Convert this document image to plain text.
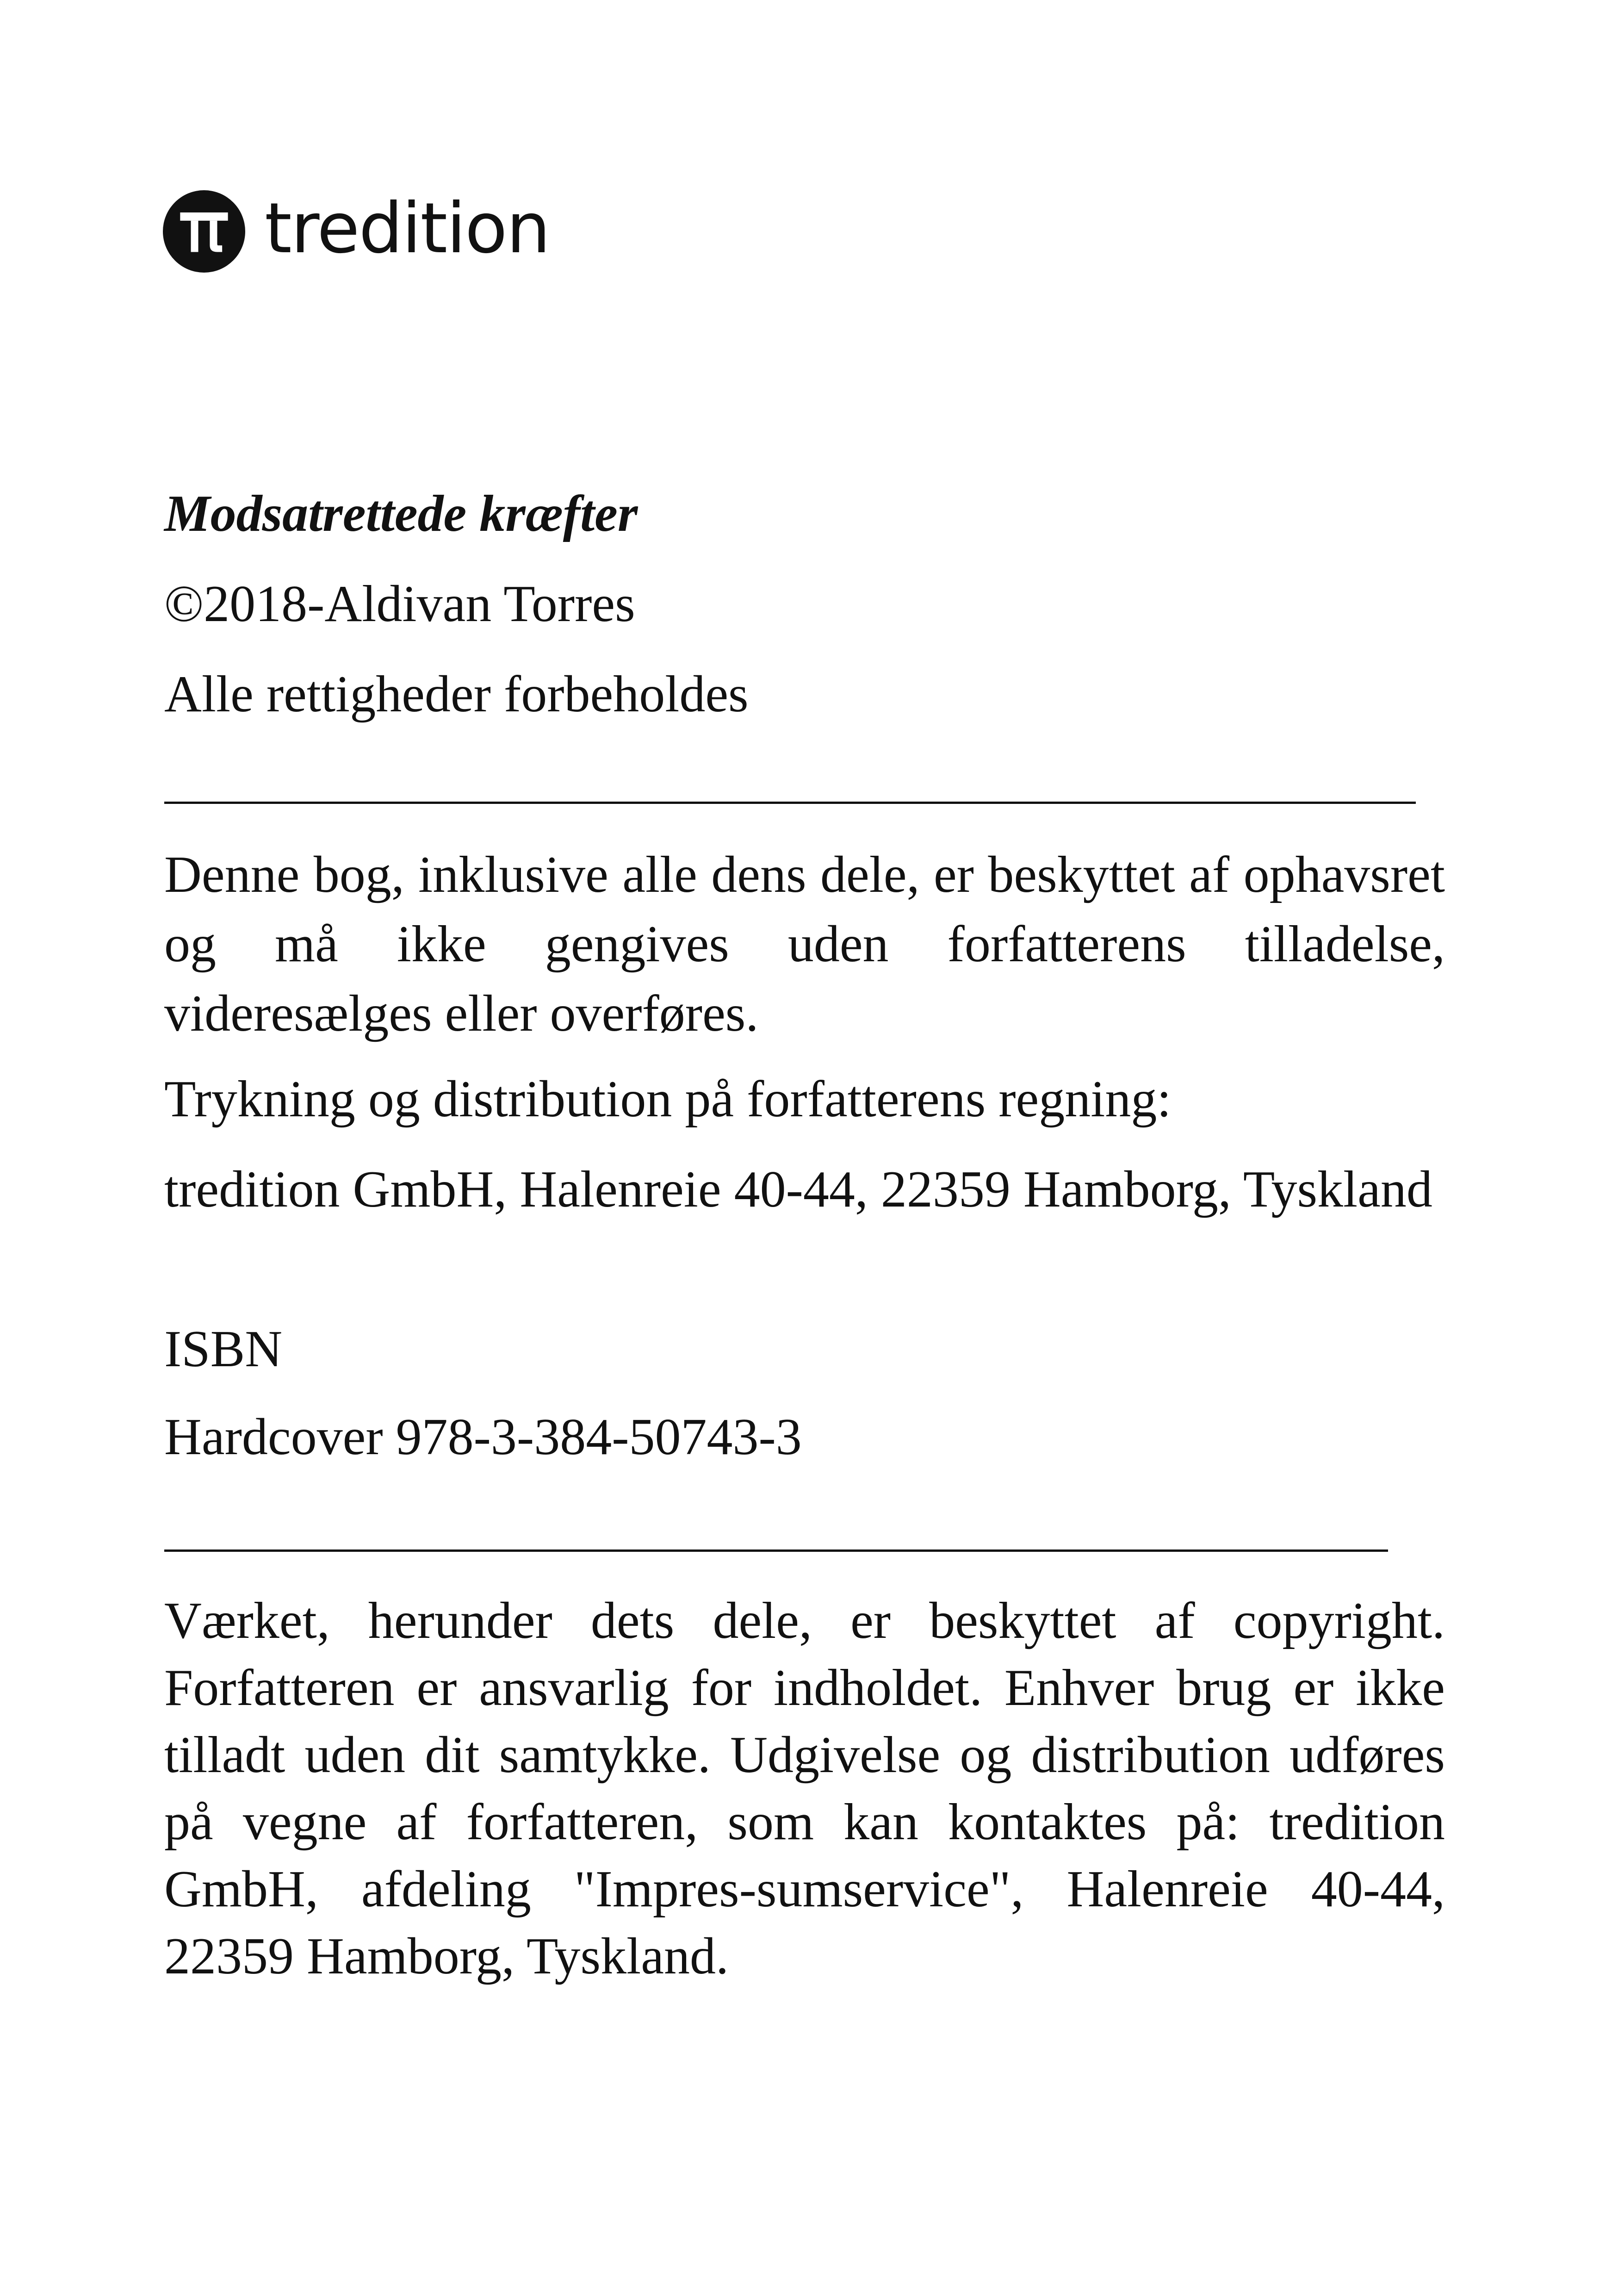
tredition

Modsatrettede kræfter

©2018-Aldivan Torres

Alle rettigheder forbeholdes

Denne bog, inklusive alle dens dele, er beskyttet af ophavsret og må ikke gengives uden forfatterens tilladelse, videresælges eller overføres.

Trykning og distribution på forfatterens regning:

tredition GmbH, Halenreie 40-44, 22359 Hamborg, Tyskland

ISBN

Hardcover 978-3-384-50743-3

Værket, herunder dets dele, er beskyttet af copyright. Forfatteren er ansvarlig for indholdet. Enhver brug er ikke tilladt uden dit samtykke. Udgivelse og distribution udføres på vegne af forfatteren, som kan kontaktes på: tredition GmbH, afdeling "Impres-sumservice", Halenreie 40-44, 22359 Hamborg, Tyskland.
